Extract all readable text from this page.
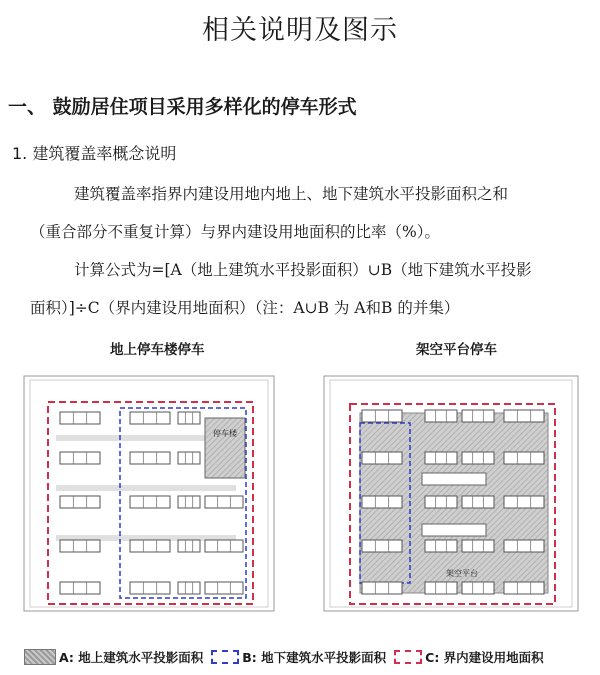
相关说明及图示
一、 鼓励居住项目采用多样化的停车形式
1. 建筑覆盖率概念说明
建筑覆盖率指界内建设用地内地上、地下建筑水平投影面积之和
（重合部分不重复计算）与界内建设用地面积的比率（%）。
计算公式为=[A（地上建筑水平投影面积）∪B（地下建筑水平投影
面积）]÷C（界内建设用地面积）（注：A∪B 为 A和B 的并集）
地上停车楼停车	架空平台停车
停车楼
架空平台
A: 地上建筑水平投影面积	B: 地下建筑水平投影面积	C: 界内建设用地面积
